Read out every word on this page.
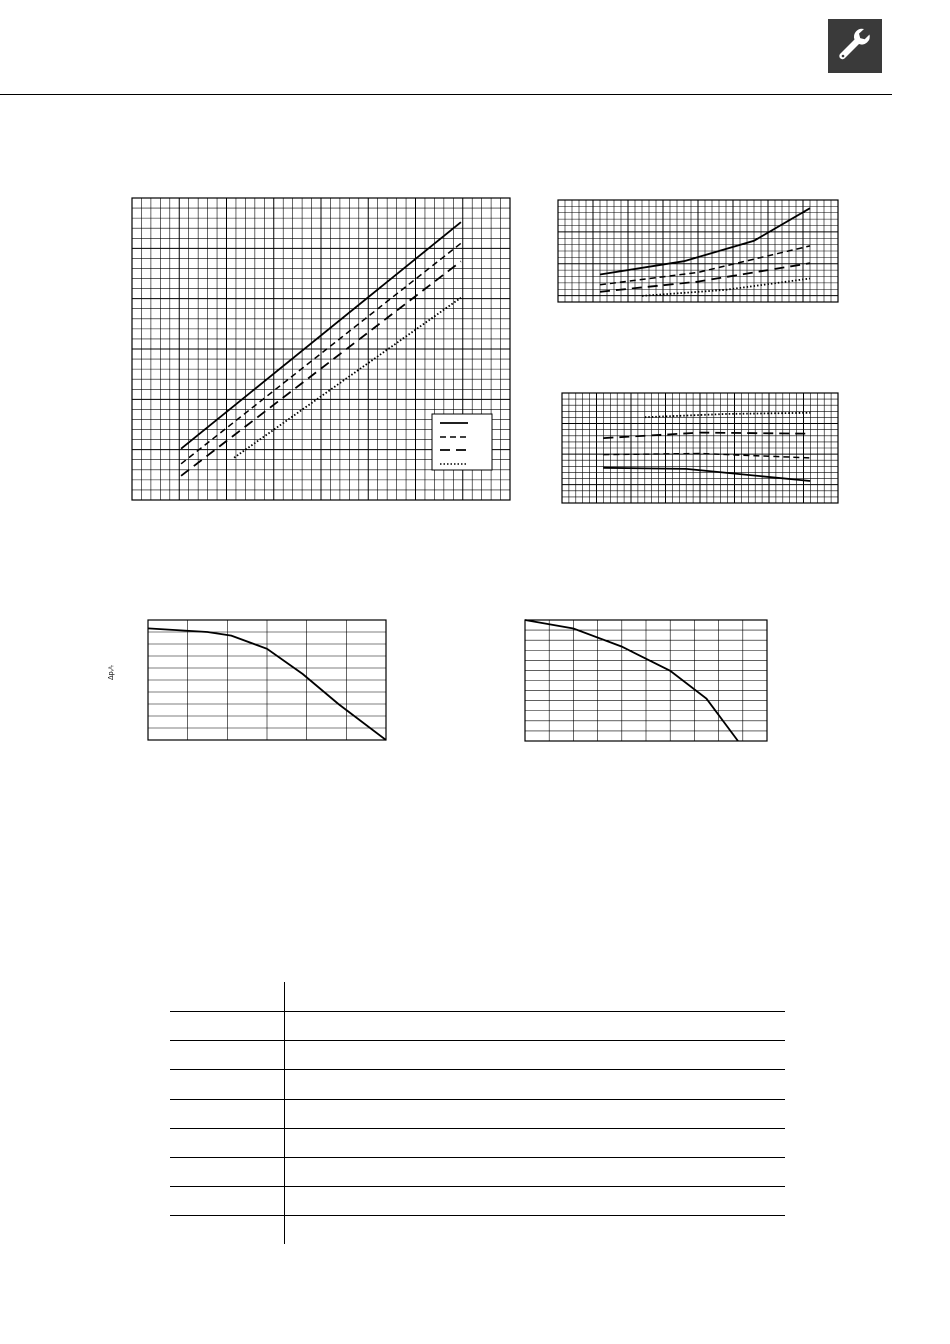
Δpᵥᵃᵣ
